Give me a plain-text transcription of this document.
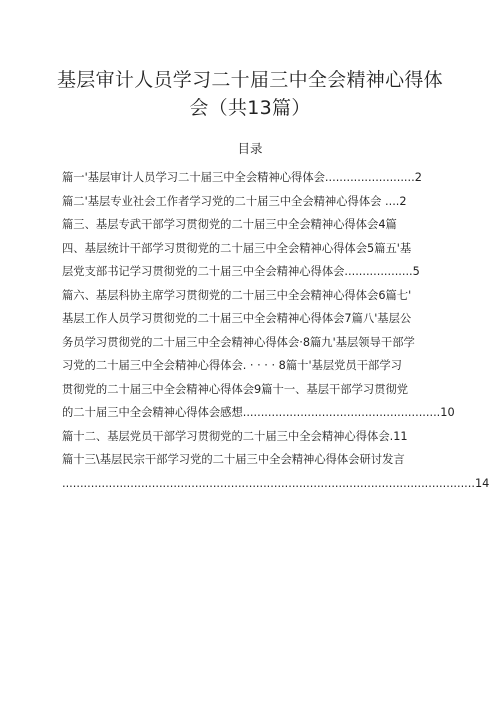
基层审计人员学习二十届三中全会精神心得体
会（共13篇）
目录
篇一'基层审计人员学习二十届三中全会精神心得体会.........................2
篇二'基层专业社会工作者学习党的二十届三中全会精神心得体会 ....2
篇三、基层专武干部学习贯彻党的二十届三中全会精神心得体会4篇
四、基层统计干部学习贯彻党的二十届三中全会精神心得体会5篇五'基
层党支部书记学习贯彻党的二十届三中全会精神心得体会...................5
篇六、基层科协主席学习贯彻党的二十届三中全会精神心得体会6篇七'
基层工作人员学习贯彻党的二十届三中全会精神心得体会7篇八'基层公
务员学习贯彻党的二十届三中全会精神心得体会·8篇九'基层领导干部学
习党的二十届三中全会精神心得体会. · · · · 8篇十'基层党员干部学习
贯彻党的二十届三中全会精神心得体会9篇十一、基层干部学习贯彻党
的二十届三中全会精神心得体会感想.......................................................10
篇十二、基层党员干部学习贯彻党的二十届三中全会精神心得体会.11
篇十三\基层民宗干部学习党的二十届三中全会精神心得体会研讨发言
...................................................................................................................14
